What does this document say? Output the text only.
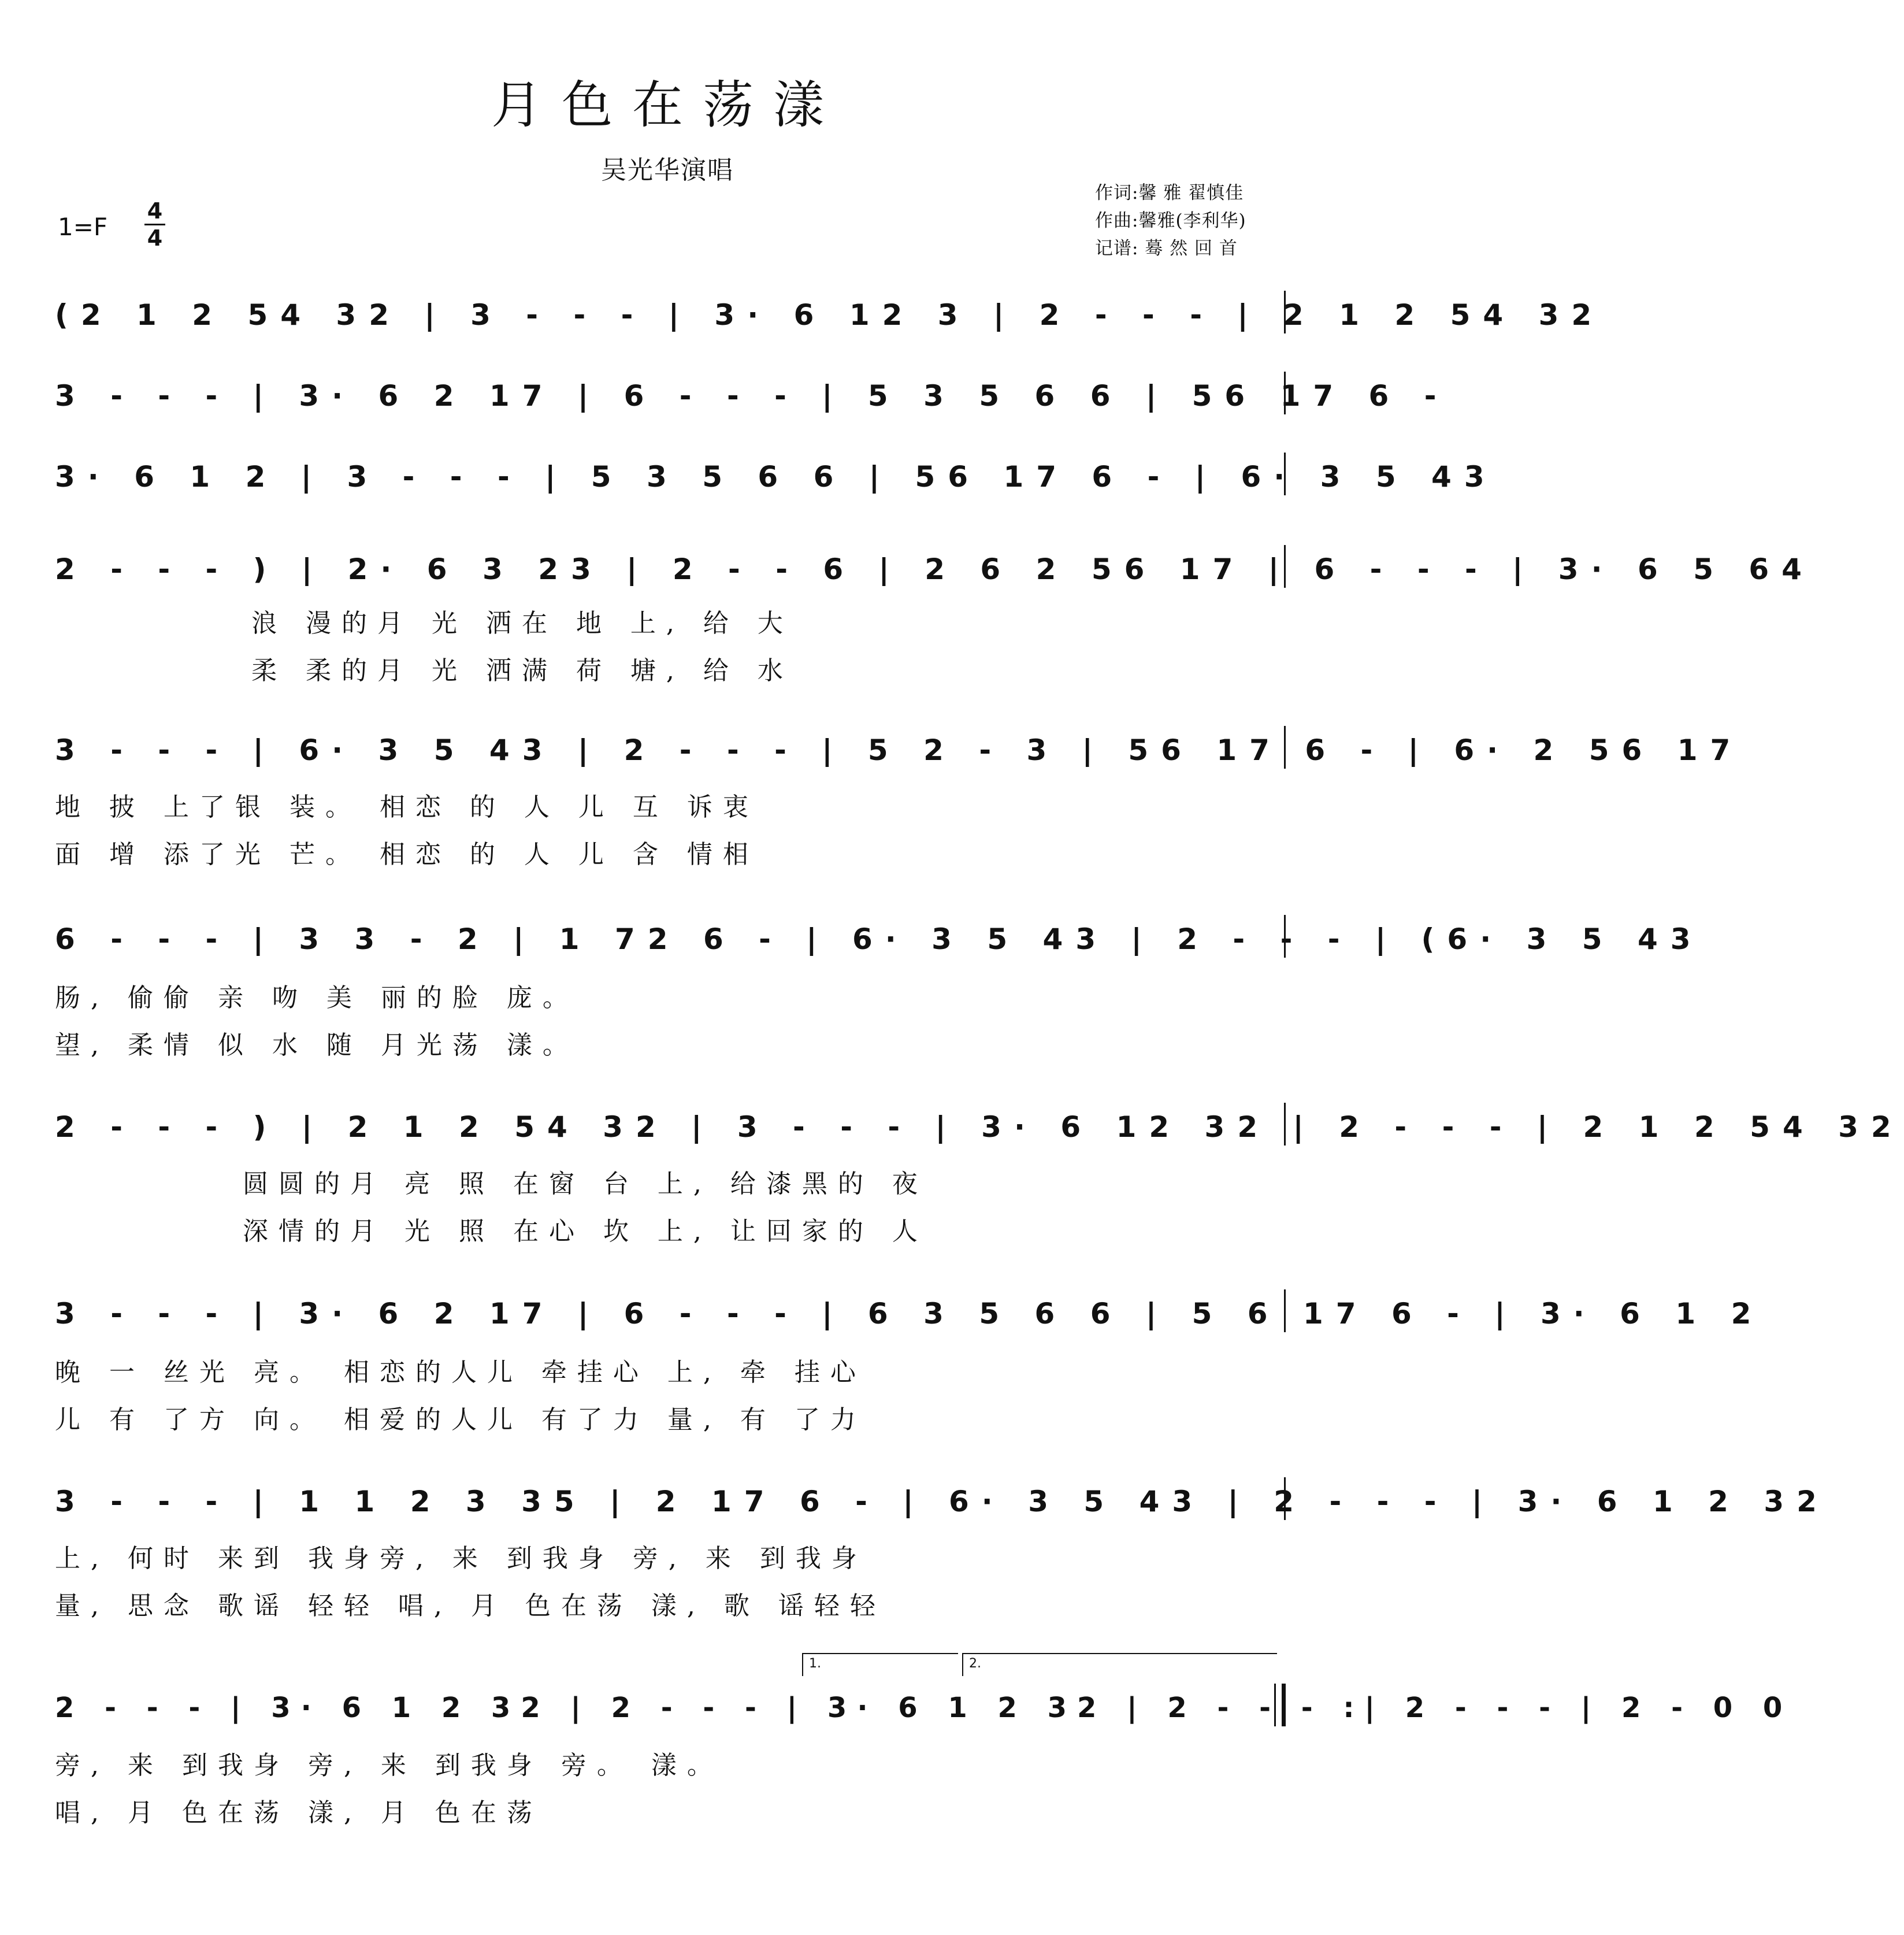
月色在荡漾
吴光华演唱
作词:馨 雅 翟慎佳
作曲:馨雅(李利华)
记谱: 蓦 然 回 首
1=F
4
4
(2 1 2 54 32 | 3 - - - | 3· 6 12 3 | 2 - - - | 2 1 2 54 32
3 - - - | 3· 6 2 17 | 6 - - - | 5 3 5 6 6 | 56 17 6 -
3· 6 1 2 | 3 - - - | 5 3 5 6 6 | 56 17 6 - | 6· 3 5 43
2 - - - ) | 2· 6 3 23 | 2 - - 6 | 2 6 2 56 17 | 6 - - - | 3· 6 5 64
浪 漫的月 光 洒在 地 上, 给 大
柔 柔的月 光 洒满 荷 塘, 给 水
3 - - - | 6· 3 5 43 | 2 - - - | 5 2 - 3 | 56 17 6 - | 6· 2 56 17
地 披 上了银 装。 相恋 的 人 儿 互 诉衷
面 增 添了光 芒。 相恋 的 人 儿 含 情相
6 - - - | 3 3 - 2 | 1 72 6 - | 6· 3 5 43 | 2 - - - | (6· 3 5 43
肠, 偷偷 亲 吻 美 丽的脸 庞。
望, 柔情 似 水 随 月光荡 漾。
2 - - - ) | 2 1 2 54 32 | 3 - - - | 3· 6 12 32 | 2 - - - | 2 1 2 54 32
圆圆的月 亮 照 在窗 台 上, 给漆黑的 夜
深情的月 光 照 在心 坎 上, 让回家的 人
3 - - - | 3· 6 2 17 | 6 - - - | 6 3 5 6 6 | 5 6 17 6 - | 3· 6 1 2
晚 一 丝光 亮。 相恋的人儿 牵挂心 上, 牵 挂心
儿 有 了方 向。 相爱的人儿 有了力 量, 有 了力
3 - - - | 1 1 2 3 35 | 2 17 6 - | 6· 3 5 43 | 2 - - - | 3· 6 1 2 32
上, 何时 来到 我身旁, 来 到我身 旁, 来 到我身
量, 思念 歌谣 轻轻 唱, 月 色在荡 漾, 歌 谣轻轻
1.	2.
2 - - - | 3· 6 1 2 32 | 2 - - - | 3· 6 1 2 32 | 2 - - - :| 2 - - - | 2 - 0 0
旁, 来 到我身 旁, 来 到我身 旁。 漾。
唱, 月 色在荡 漾, 月 色在荡
